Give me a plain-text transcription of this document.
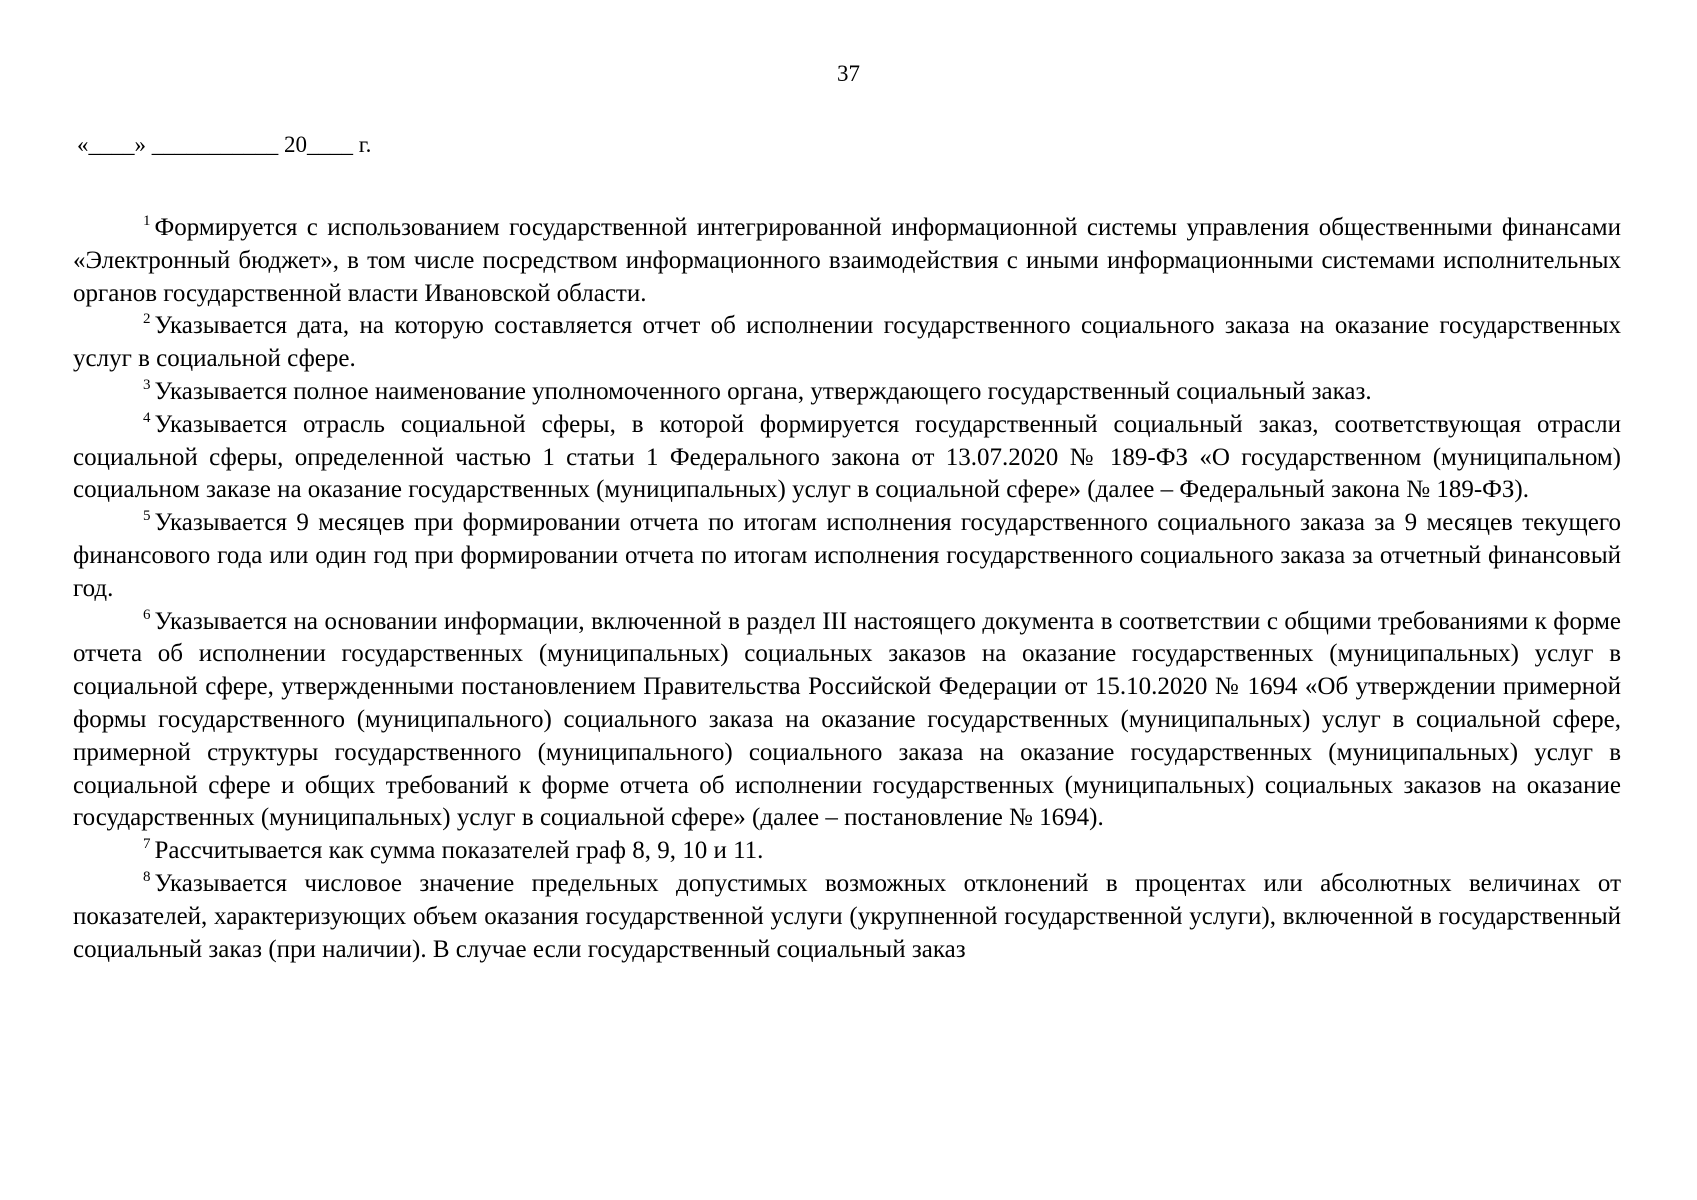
37
«____» ___________ 20____ г.

$^1$ Формируется с использованием государственной интегрированной информационной системы управления общественными финансами «Электронный бюджет», в том числе посредством информационного взаимодействия с иными информационными системами исполнительных органов государственной власти Ивановской области.

$^2$ Указывается дата, на которую составляется отчет об исполнении государственного социального заказа на оказание государственных услуг в социальной сфере.

$^3$ Указывается полное наименование уполномоченного органа, утверждающего государственный социальный заказ.

$^4$ Указывается отрасль социальной сферы, в которой формируется государственный социальный заказ, соответствующая отрасли социальной сферы, определенной частью 1 статьи 1 Федерального закона от 13.07.2020 № 189-ФЗ «О государственном (муниципальном) социальном заказе на оказание государственных (муниципальных) услуг в социальной сфере» (далее – Федеральный закона № 189-ФЗ).

$^5$ Указывается 9 месяцев при формировании отчета по итогам исполнения государственного социального заказа за 9 месяцев текущего финансового года или один год при формировании отчета по итогам исполнения государственного социального заказа за отчетный финансовый год.

$^6$ Указывается на основании информации, включенной в раздел III настоящего документа в соответствии с общими требованиями к форме отчета об исполнении государственных (муниципальных) социальных заказов на оказание государственных (муниципальных) услуг в социальной сфере, утвержденными постановлением Правительства Российской Федерации от 15.10.2020 № 1694 «Об утверждении примерной формы государственного (муниципального) социального заказа на оказание государственных (муниципальных) услуг в социальной сфере, примерной структуры государственного (муниципального) социального заказа на оказание государственных (муниципальных) услуг в социальной сфере и общих требований к форме отчета об исполнении государственных (муниципальных) социальных заказов на оказание государственных (муниципальных) услуг в социальной сфере» (далее – постановление № 1694).

$^7$ Рассчитывается как сумма показателей граф 8, 9, 10 и 11.

$^8$ Указывается числовое значение предельных допустимых возможных отклонений в процентах или абсолютных величинах от показателей, характеризующих объем оказания государственной услуги (укрупненной государственной услуги), включенной в государственный социальный заказ (при наличии). В случае если государственный социальный заказ
